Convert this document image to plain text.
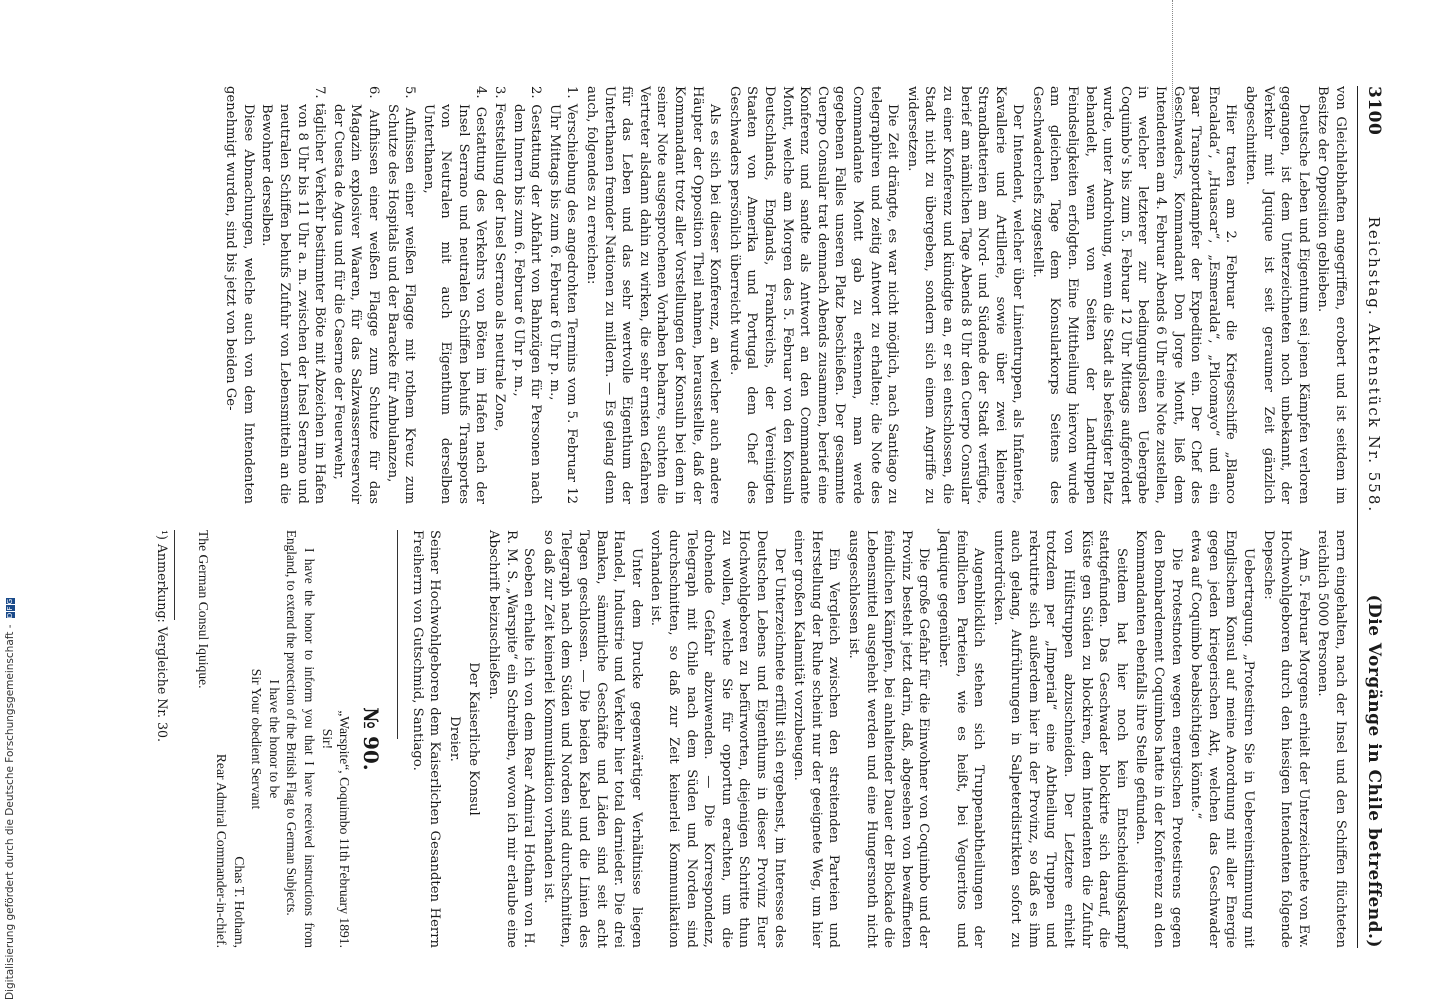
3100
Reichstag. Aktenstück Nr. 558.
(Die Vorgänge in Chile betreffend.)

von Gleichlebhaften angegriffen, erobert und ist seitdem im Besitze der Opposition geblieben.

Deutsche Leben und Eigentum sei jenen Kämpfen verloren gegangen, ist dem Unterzeichneten noch unbekannt, der Verkehr mit Jquique ist seit geraumer Zeit gänzlich abgeschnitten.

Hier traten am 2. Februar die Kriegsschiffe „Blanco Encalada“, „Huascar“, „Esmeralda“, „Pilcomayo“ und ein paar Transportdampfer der Expedition ein. Der Chef des Geschwaders, Kommandant Don Jorge Montt, ließ dem Intendenten am 4. Februar Abends 6 Uhr eine Note zustellen, in welcher letzterer zur bedingungslosen Uebergabe Coquimbo's bis zum 5. Februar 12 Uhr Mittags aufgefordert wurde, unter Androhung, wenn die Stadt als befestigter Platz behandelt, wenn von Seiten der Landtruppen Feindseligkeiten erfolgten. Eine Mittheilung hiervon wurde am gleichen Tage dem Konsularkorps Seitens des Geschwaderchefs zugestellt.

Der Intendent, welcher über Linientruppen, als Infanterie, Kavallerie und Artillerie, sowie über zwei kleinere Strandbatterien am Nord- und Südende der Stadt verfügte, berief am nämlichen Tage Abends 8 Uhr den Cuerpo Consular zu einer Konferenz und kündigte an, er sei entschlossen, die Stadt nicht zu übergeben, sondern sich einem Angriffe zu widersetzen.

Die Zeit drängte, es war nicht möglich, nach Santiago zu telegraphiren und zeitig Antwort zu erhalten; die Note des Commandante Montt gab zu erkennen, man werde gegebenen Falles unseren Platz beschießen. Der gesammte Cuerpo Consular trat demnach Abends zusammen, berief eine Konferenz und sandte als Antwort an den Commandante Montt, welche am Morgen des 5. Februar von den Konsuln Deutschlands, Englands, Frankreichs, der Vereinigten Staaten von Amerika und Portugal dem Chef des Geschwaders persönlich überreicht wurde.

Als es sich bei dieser Konferenz, an welcher auch andere Häupter der Opposition Theil nahmen, herausstellte, daß der Kommandant trotz aller Vorstellungen der Konsuln bei dem in seiner Note ausgesprochenen Vorhaben beharre, suchten die Vertreter alsdann dahin zu wirken, die sehr ernsten Gefahren für das Leben und das sehr wertvolle Eigenthum der Unterthanen fremder Nationen zu mildern. — Es gelang denn auch, folgendes zu erreichen:

1. Verschiebung des angedrohten Termins vom 5. Februar 12 Uhr Mittags bis zum 6. Februar 6 Uhr p. m.,
2. Gestattung der Abfahrt von Bahnzügen für Personen nach dem Innern bis zum 6. Februar 6 Uhr p. m.,
3. Feststellung der Insel Serrano als neutrale Zone,
4. Gestattung des Verkehrs von Böten im Hafen nach der Insel Serrano und neutralen Schiffen behufs Transportes von Neutralen mit auch Eigenthum derselben Unterthanen,
5. Aufhissen einer weißen Flagge mit rothem Kreuz zum Schutze des Hospitals und der Baracke für Ambulanzen,
6. Aufhissen einer weißen Flagge zum Schutze für das Magazin explosiver Waaren, für das Salzwasserreservoir der Cuesta de Agua und für die Caserne der Feuerwehr,
7. täglicher Verkehr bestimmter Böte mit Abzeichen im Hafen von 8 Uhr bis 11 Uhr a. m. zwischen der Insel Serrano und neutralen Schiffen behufs Zufuhr von Lebensmitteln an die Bewohner derselben.

Diese Abmachungen, welche auch von dem Intendenten genehmigt wurden, sind bis jetzt von beiden Ge-

nern eingehalten, nach der Insel und den Schiffen flüchteten reichlich 5000 Personen.

Am 5. Februar Morgens erhielt der Unterzeichnete von Ew. Hochwohlgeboren durch den hiesigen Intendenten folgende Depesche:

Uebertragung. „Protestiren Sie in Uebereinstimmung mit Englischem Konsul auf meine Anordnung mit aller Energie gegen jeden kriegerischen Akt, welchen das Geschwader etwa auf Coquimbo beabsichtigen könnte.“

Die Protestnoten wegen energischen Protestirens gegen den Bombardement Coquimbos hatte in der Konferenz an den Kommandanten ebenfalls ihre Stelle gefunden.

Seitdem hat hier noch kein Entscheidungskampf stattgefunden. Das Geschwader blockirte sich darauf, die Küste gen Süden zu blockiren, dem Intendenten die Zufuhr von Hülfstruppen abzuschneiden. Der Letztere erhielt trotzdem per „Imperial“ eine Abtheilung Truppen und rekrutirte sich außerdem hier in der Provinz, so daß es ihm auch gelang, Aufrührungen in Salpeterdistrikten sofort zu unterdrücken.

Augenblicklich stehen sich Truppenabtheilungen der feindlichen Parteien, wie es heißt, bei Vegueritos und Jaquique gegenüber.

Die große Gefahr für die Einwohner von Coquimbo und der Provinz besteht jetzt darin, daß, abgesehen von bewaffneten feindlichen Kämpfen, bei anhaltender Dauer der Blockade die Lebensmittel ausgeheht werden und eine Hungersnoth nicht ausgeschlossen ist.

Ein Vergleich zwischen den streitenden Parteien und Herstellung der Ruhe scheint nur der geeignete Weg, um hier einer großen Kalamität vorzubeugen.

Der Unterzeichnete erfüllt sich ergebenst, im Interesse des Deutschen Lebens und Eigenthums in dieser Provinz Euer Hochwohlgeboren zu befürworten, diejenigen Schritte thun zu wollen, welche Sie für opportun erachten, um die drohende Gefahr abzuwenden. — Die Korrespondenz, Telegraph mit Chile nach dem Süden und Norden sind durchschnitten, so daß zur Zeit keinerlei Kommunikation vorhanden ist.

Unter dem Drucke gegenwärtiger Verhältnisse liegen Handel, Industrie und Verkehr hier total darnieder. Die drei Banken, sämmtliche Geschäfte und Läden sind seit acht Tagen geschlossen. — Die beiden Kabel und die Linien des Telegraph nach dem Süden und Norden sind durchschnitten, so daß zur Zeit keinerlei Kommunikation vorhanden ist.

Soeben erhalte ich von dem Rear Admiral Hotham von H. R. M. S. „Warspite“ ein Schreiben, wovon ich mir erlaube eine Abschrift beizuschließen.

Der Kaiserliche Konsul
Dreier.

Seiner Hochwohlgeboren dem Kaiserlichen Gesandten Herrn Freiherrn von Gutschmid, Santiago.

№ 90.
„Warspite“, Coquimbo 11th February 1891.
Sir!

I have the honor to inform you that I have received instructions from England, to extend the protection of the British Flag to German Subjects.

I have the honor to be
Sir Your obedient Servant
Chas T. Hotham,
Rear Admiral Commander-in-chief.
The German Consul Iquique.
¹) Anmerkung: Vergleiche Nr. 30.
Digitalisierung gefördert durch die Deutsche Forschungsgemeinschaft -
D
F
G
